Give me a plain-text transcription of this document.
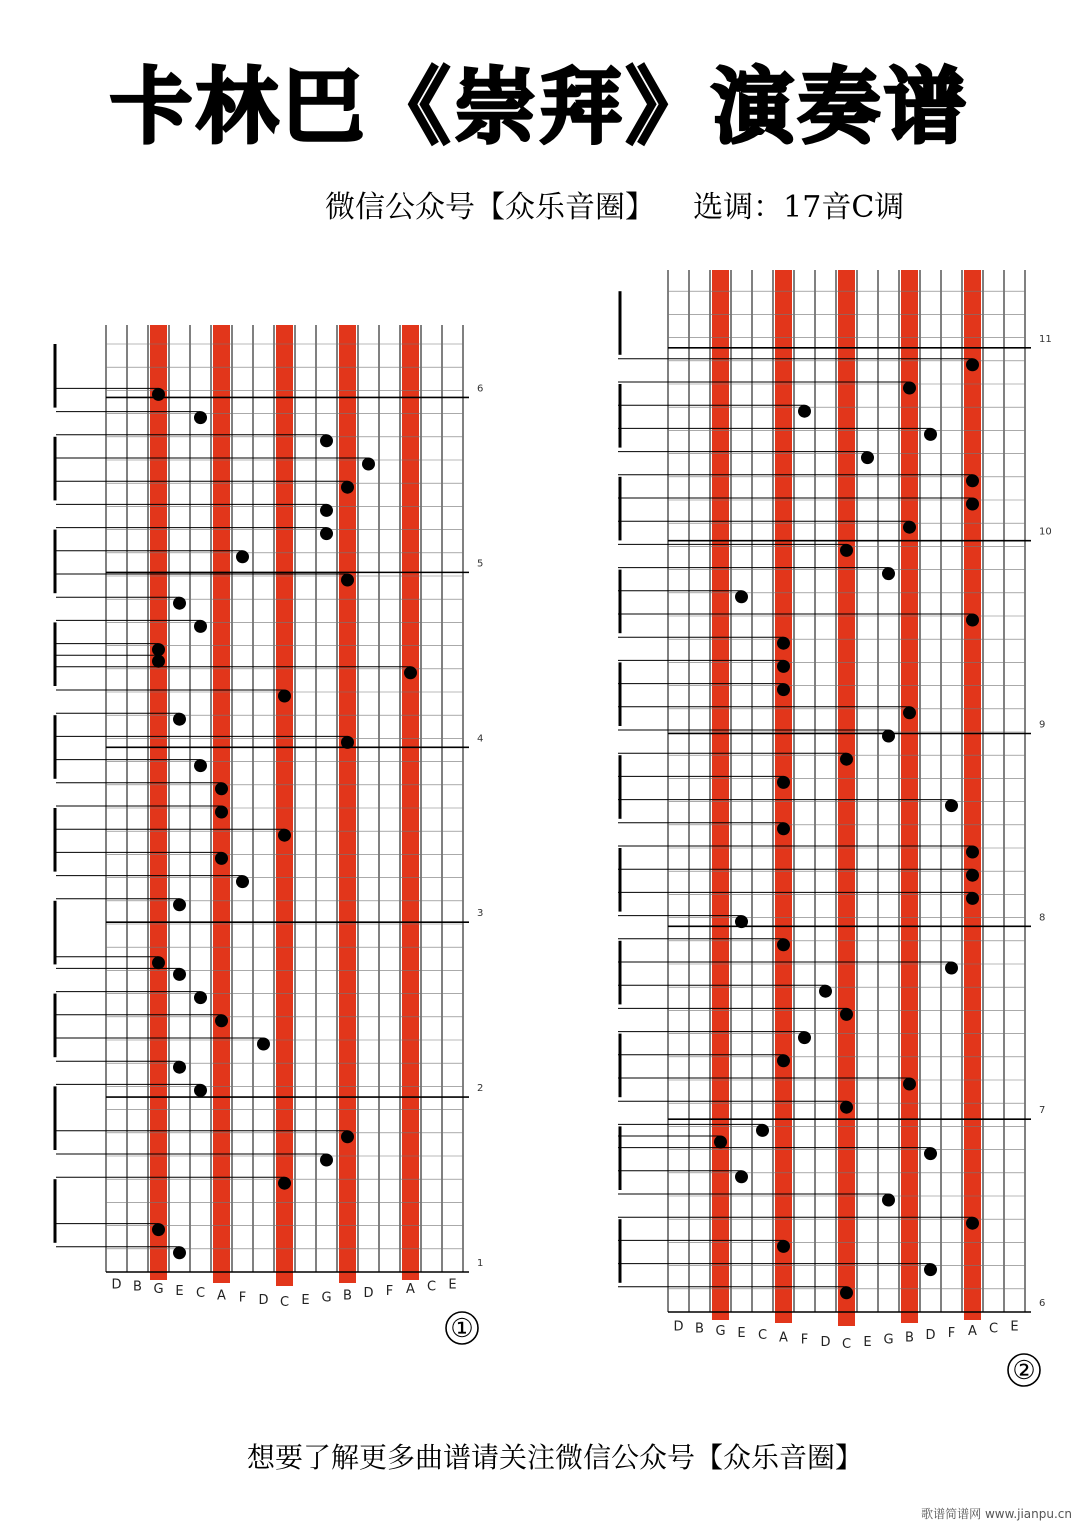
卡林巴《崇拜》演奏谱
微信公众号【众乐音圈】 选调：17音C调
1
2
3
4
5
6
D B G E C A F D C E G B D F A C E
①
6
7
8
9
10
11
D B G E C A F D C E G B D F A C E
②
想要了解更多曲谱请关注微信公众号【众乐音圈】
歌谱简谱网 www.jianpu.cn
